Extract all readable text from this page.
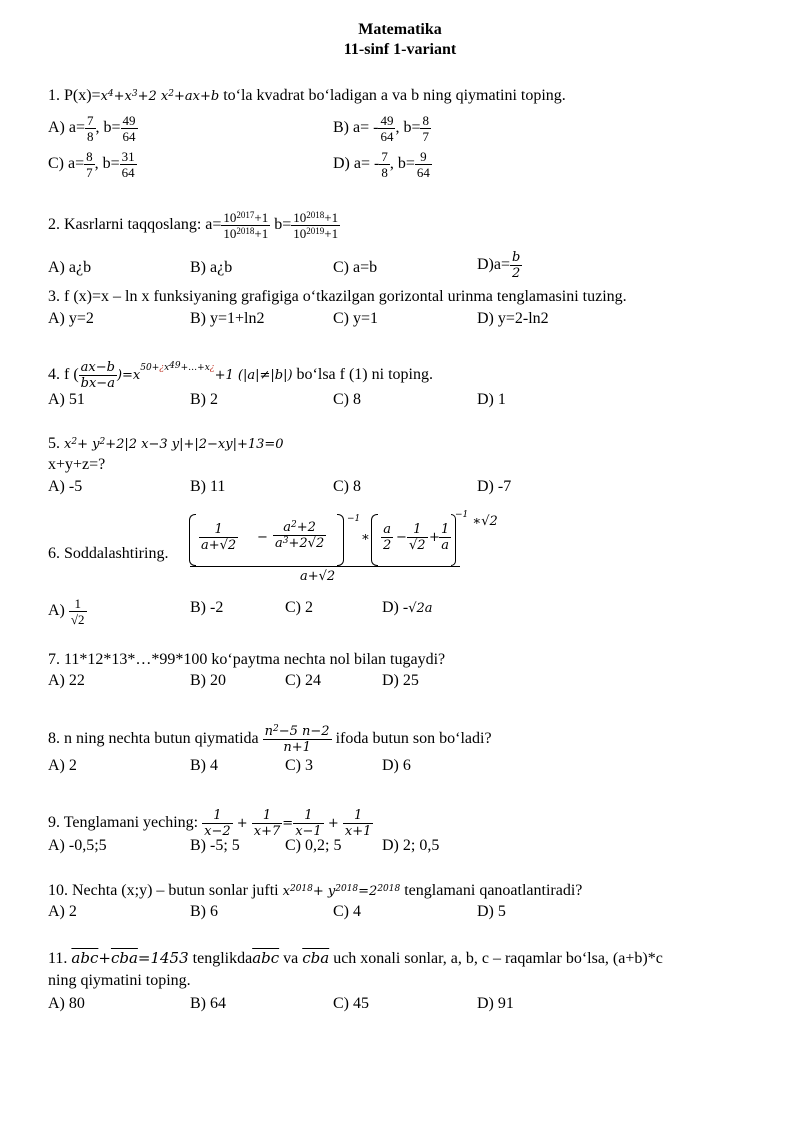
Matematika
11-sinf 1-variant
1. $P(x)=x^4+x^3+2$ $x^2+ax+b$ to‘la kvadrat bo‘ladigan a va b ning qiymatini toping.
A) $a= \frac{7}{8}$ , $b= \frac{49}{64}$	B) $a= - \frac{49}{64}$ , $b= \frac{8}{7}$
C) $a= \frac{8}{7}$ , $b= \frac{31}{64}$	D) $a= - \frac{7}{8}$ , $b= \frac{9}{64}$
2. Kasrlarni taqqoslang: $a= \frac{10^{2017}+1}{10^{2018}+1} b= \frac{10^{2018}+1}{10^{2019}+1}$
A) a¿b	B) a¿b	C) a=b	$D)a= \frac{b}{2}$
3. f (x)=x – ln x funksiyaning grafigiga o‘tkazilgan gorizontal urinma tenglamasini tuzing.
A) y=2	B) y=1+ln2	C) y=1	D) y=2-ln2
4. f ( $\frac{ax-b}{bx-a} )=x^{50+¿x^{49}+\dots+x¿}+1$ (|a|≠|b|) bo‘lsa f (1) ni toping.
A) 51	B) 2	C) 8	D) 1
5. $x^2+ y^2+2|2$ x−3 y|+|2−xy|+13=0
x+y+z=?
A) -5	B) 11	C) 8	D) -7
6. Soddalashtiring.
$\frac{1}{a+√2} - \frac{a^2+2}{a^3+2√2}$
−1
∗ $\frac{a}{2} - \frac{1}{√2} + \frac{1}{a}$
$^{-1}$ ∗√2
a+√2
$A) \frac{1}{√2}$	B) -2	C) 2	D) -√2a
7. 11*12*13*…*99*100 ko‘paytma nechta nol bilan tugaydi?
A) 22	B) 20	C) 24	D) 25
8. n ning nechta butun qiymatida $\frac{n^2-5 n-2}{n+1}$ ifoda butun son bo‘ladi?
A) 2	B) 4	C) 3	D) 6
9. Tenglamani yeching: $\frac{1}{x-2} + \frac{1}{x+7} = \frac{1}{x-1} + \frac{1}{x+1}$
A) -0,5;5	B) -5; 5	C) 0,2; 5	D) 2; 0,5
10. Nechta (x;y) – butun sonlar jufti $x^{2018}+ y^{2018}=2^{2018}$ tenglamani qanoatlantiradi?
A) 2	B) 6	C) 4	D) 5
11. $\overline{abc}+\overline{cba}=1453$ $tenglikda\overline{abc}$ va $\overline{cba}$ uch xonali sonlar, a, b, c – raqamlar bo‘lsa, (a+b)*c
ning qiymatini toping.
A) 80	B) 64	C) 45	D) 91
